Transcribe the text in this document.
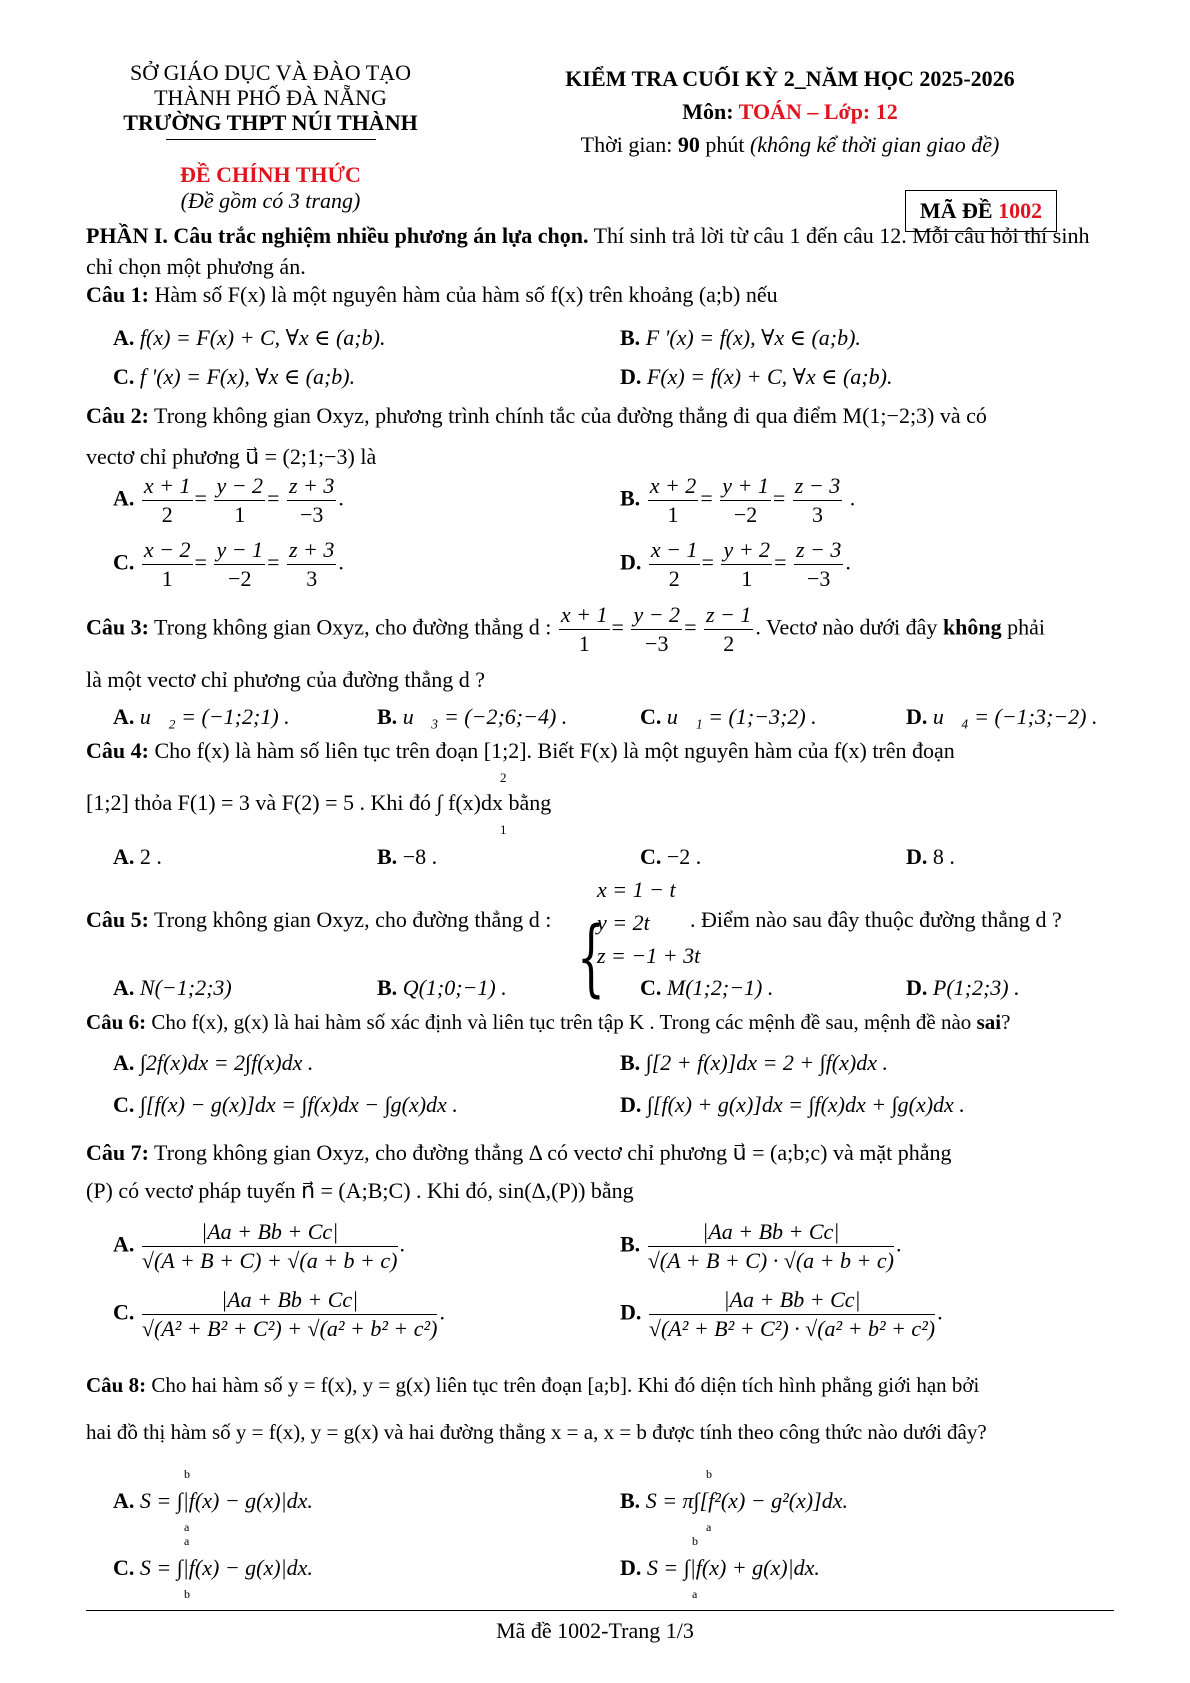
SỞ GIÁO DỤC VÀ ĐÀO TẠO
THÀNH PHỐ ĐÀ NẴNG
TRƯỜNG THPT NÚI THÀNH
KIỂM TRA CUỐI KỲ 2_NĂM HỌC 2025-2026
Môn: TOÁN – Lớp: 12
Thời gian: 90 phút (không kể thời gian giao đề)
ĐỀ CHÍNH THỨC
(Đề gồm có 3 trang)	MÃ ĐỀ 1002
PHẦN I. Câu trắc nghiệm nhiều phương án lựa chọn. Thí sinh trả lời từ câu 1 đến câu 12. Mỗi câu hỏi thí sinh chỉ chọn một phương án.
Câu 1: Hàm số F(x) là một nguyên hàm của hàm số f(x) trên khoảng (a;b) nếu
A. f(x) = F(x) + C, ∀x ∈ (a;b).	B. F '(x) = f(x), ∀x ∈ (a;b).
C. f '(x) = F(x), ∀x ∈ (a;b).	D. F(x) = f(x) + C, ∀x ∈ (a;b).
Câu 2: Trong không gian Oxyz, phương trình chính tắc của đường thẳng đi qua điểm M(1;−2;3) và có
vectơ chỉ phương u⃗ = (2;1;−3) là
A. $\frac{x + 1}{2} = \frac{y - 2}{1} = \frac{z + 3}{-3}$ .	B. $\frac{x + 2}{1} = \frac{y + 1}{-2} = \frac{z - 3}{3}$ .
C. $\frac{x - 2}{1} = \frac{y - 1}{-2} = \frac{z + 3}{3}$ .	D. $\frac{x - 1}{2} = \frac{y + 2}{1} = \frac{z - 3}{-3}$ .
Câu 3: Trong không gian Oxyz, cho đường thẳng d : $\frac{x + 1}{1} = \frac{y - 2}{-3} = \frac{z - 1}{2}$ . Vectơ nào dưới đây không phải
là một vectơ chỉ phương của đường thẳng d ?
A. u⃗₂ = (−1;2;1) .	B. u⃗₃ = (−2;6;−4) .	C. u⃗₁ = (1;−3;2) .	D. u⃗₄ = (−1;3;−2) .
Câu 4: Cho f(x) là hàm số liên tục trên đoạn [1;2]. Biết F(x) là một nguyên hàm của f(x) trên đoạn
[1;2] thỏa F(1) = 3 và F(2) = 5 . Khi đó ∫ f(x)dx bằng
2
1
A. 2 .	B. −8 .	C. −2 .	D. 8 .
Câu 5: Trong không gian Oxyz, cho đường thẳng d : {
x = 1 − t
y = 2t
z = −1 + 3t
. Điểm nào sau đây thuộc đường thẳng d ?
A. N(−1;2;3)	B. Q(1;0;−1) .	C. M(1;2;−1) .	D. P(1;2;3) .
Câu 6: Cho f(x), g(x) là hai hàm số xác định và liên tục trên tập K . Trong các mệnh đề sau, mệnh đề nào sai?
A. ∫2f(x)dx = 2∫f(x)dx .	B. ∫[2 + f(x)]dx = 2 + ∫f(x)dx .
C. ∫[f(x) − g(x)]dx = ∫f(x)dx − ∫g(x)dx .	D. ∫[f(x) + g(x)]dx = ∫f(x)dx + ∫g(x)dx .
Câu 7: Trong không gian Oxyz, cho đường thẳng Δ có vectơ chỉ phương u⃗ = (a;b;c) và mặt phẳng
(P) có vectơ pháp tuyến n⃗ = (A;B;C) . Khi đó, sin(Δ,(P)) bằng
A. $\frac{|Aa + Bb + Cc|}{√(A + B + C) + √(a + b + c)}$ .	B. $\frac{|Aa + Bb + Cc|}{√(A + B + C) \cdot √(a + b + c)}$ .
C. $\frac{|Aa + Bb + Cc|}{\text{√(A² + B² + C²) + √(a² + b² + c²)}}$ .	D. $\frac{|Aa + Bb + Cc|}{\text{√(A² + B² + C²) · √(a² + b² + c²)}}$ .
Câu 8: Cho hai hàm số y = f(x), y = g(x) liên tục trên đoạn [a;b]. Khi đó diện tích hình phẳng giới hạn bởi
hai đồ thị hàm số y = f(x), y = g(x) và hai đường thẳng x = a, x = b được tính theo công thức nào dưới đây?
A. S = ∫|f(x) − g(x)|dx.
b
a
B. S = π∫[f²(x) − g²(x)]dx.
b
a
C. S = ∫|f(x) − g(x)|dx.
a
b
D. S = ∫|f(x) + g(x)|dx.
b
a
Mã đề 1002-Trang 1/3
